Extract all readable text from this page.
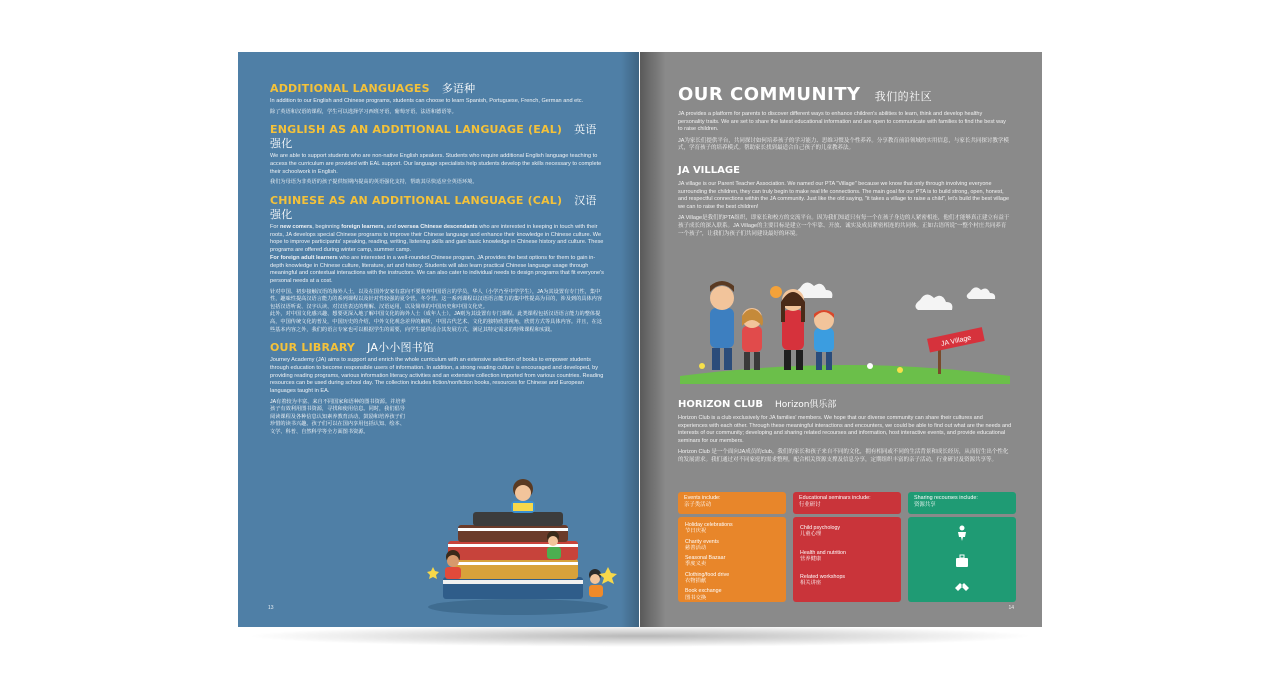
ADDITIONAL LANGUAGES 多语种

In addition to our English and Chinese programs, students can choose to learn Spanish, Portuguese, French, German and etc.

除了英语和汉语的课程，学生可以选择学习西班牙语，葡萄牙语，法语和德语等。

ENGLISH AS AN ADDITIONAL LANGUAGE (EAL) 英语强化

We are able to support students who are non-native English speakers. Students who require additional English language teaching to access the curriculum are provided with EAL support. Our language specialists help students develop the skills necessary to complete their schoolwork in English.

我们为母语为非英语的孩子提供短期内提高的英语强化支持，帮助其尽快适应全英语环境。

CHINESE AS AN ADDITIONAL LANGUAGE (CAL) 汉语强化

For new comers, beginning foreign learners, and oversea Chinese descendants who are interested in keeping in touch with their roots, JA develops special Chinese programs to improve their Chinese language and enhance their knowledge in Chinese culture. We hope to improve participants' speaking, reading, writing, listening skills and gain basic knowledge in Chinese history and culture. These programs are offered during winter camp, summer camp.

For foreign adult learners who are interested in a well-rounded Chinese program, JA provides the best options for them to gain in-depth knowledge in Chinese culture, literature, art and history. Students will also learn practical Chinese language usage through meaningful and contextual interactions with the instructors. We can also cater to individual needs to design programs that fit everyone's personal needs at a cost.

针对中国、初步接触汉语的海外人士，以及在国外安家有意向不要放弃中国语言的学员，华人（小学乃至中学学生），JA为其设置有专门性，集中性，趣味性提高汉语言能力的系列课程以及针对性较强的夏令营，冬令营。这一系列课程以汉语语言能力的集中性提高为目的，涉及到的具体内容包括汉语听说、汉字认读、对汉语表达的理解、汉语运用，以及简单的中国历史和中国文化史。

此外，对中国文化感兴趣、想要更深入地了解中国文化的海外人士（成年人士），JA则为其设置有专门课程。此类课程包括汉语语言能力的整体提高，中国传统文化的普及，中国历史的介绍，中外文化观念差异的解析，中国古代艺术、文化的独特欣赏视角，欣赏方式等具体内容。并且，在这些基本内容之外，我们的语言专家也可以根据学生的需要，向学生提供适合其发展方式，满足其特定需求的特殊课程和实践。

OUR LIBRARY JA小小图书馆

Journey Academy (JA) aims to support and enrich the whole curriculum with an extensive selection of books to empower students through education to become responsible users of information. In addition, a strong reading culture is encouraged and developed, by providing reading programs, various information literacy activities and an extensive collection imported from various countries. Reading resources can be used during school day. The collection includes fiction/nonfiction books, resources for Chinese and European languages taught in EA.

JA有着较为丰富、来自不同国家和语种的图书资源。并培养孩子有效利用图书资源，寻找和使用信息。同时，我们倡导阅读课程及各种信息认知素养教育活动，鼓励和培养孩子们珍惜的读书兴趣。孩子们可以在国内享用包括认知、绘本、文学、科普、自然科学等全方面图书资源。

13
OUR COMMUNITY 我们的社区

JA provides a platform for parents to discover different ways to enhance children's abilities to learn, think and develop healthy personality traits. We are set to share the latest educational information and are open to communicate with families to find the best way to raise children.

JA为家长们提供平台，共同探讨如何培养孩子的学习能力、思维习惯及个性养养。分享教育前沿领域的实用信息，与家长共同探讨教学模式，学育孩子的培养模式。帮助家长找到最适合自己孩子的儿童教养法。

JA VILLAGE

JA village is our Parent Teacher Association. We named our PTA "Village" because we know that only through involving everyone surrounding the children, they can truly begin to make real life connections. The main goal for our PTA is to build strong, open, honest, and respectful connections within the JA community. Just like the old saying, "it takes a village to raise a child", let's build the best village we can to raise the best children!

JA Village是我们的PTA组织，即家长和校方的交流平台。因为我们知道只有每一个在孩子身边的人紧密相连，他们才能够真正建立有益于孩子成长的深入联系。JA Village的主要目标是建立一个牢靠、开放、诚实及成员紧密相连的共同体。正如古语所说“一整个村庄共同养育一个孩子”，让我们为孩子们共同建设最好的环境。

JA Village
HORIZON CLUB Horizon俱乐部

Horizon Club is a club exclusively for JA families' members. We hope that our diverse community can share their cultures and experiences with each other. Through these meaningful interactions and encounters, we could be able to find out what are the needs and interests of our community; developing and sharing related recourses and information, host interactive events, and provide educational seminars for our members.

Horizon Club 是一个面向JA成员的club。我们的家长和孩子来自不同的文化，拥有相同或不同的生活背景和成长经历，从而衍生出个性化的发展需求。我们通过对不同家庭的需求整理，配合相关资源支撑及信息分享，定期组织丰富的亲子活动，行业研讨及资源共享等。

Events include:
亲子类活动
Holiday celebrations
节日庆祝
Charity events
慈善活动
Seasonal Bazaar
季度义卖
Clothing/food drive
衣物捐献
Book exchange
图书交换
Educational seminars include:
行业研讨
Child psychology
儿童心理
Health and nutrition
营养健康
Related workshops
相关讲座
Sharing recourses include:
资源共享
14
